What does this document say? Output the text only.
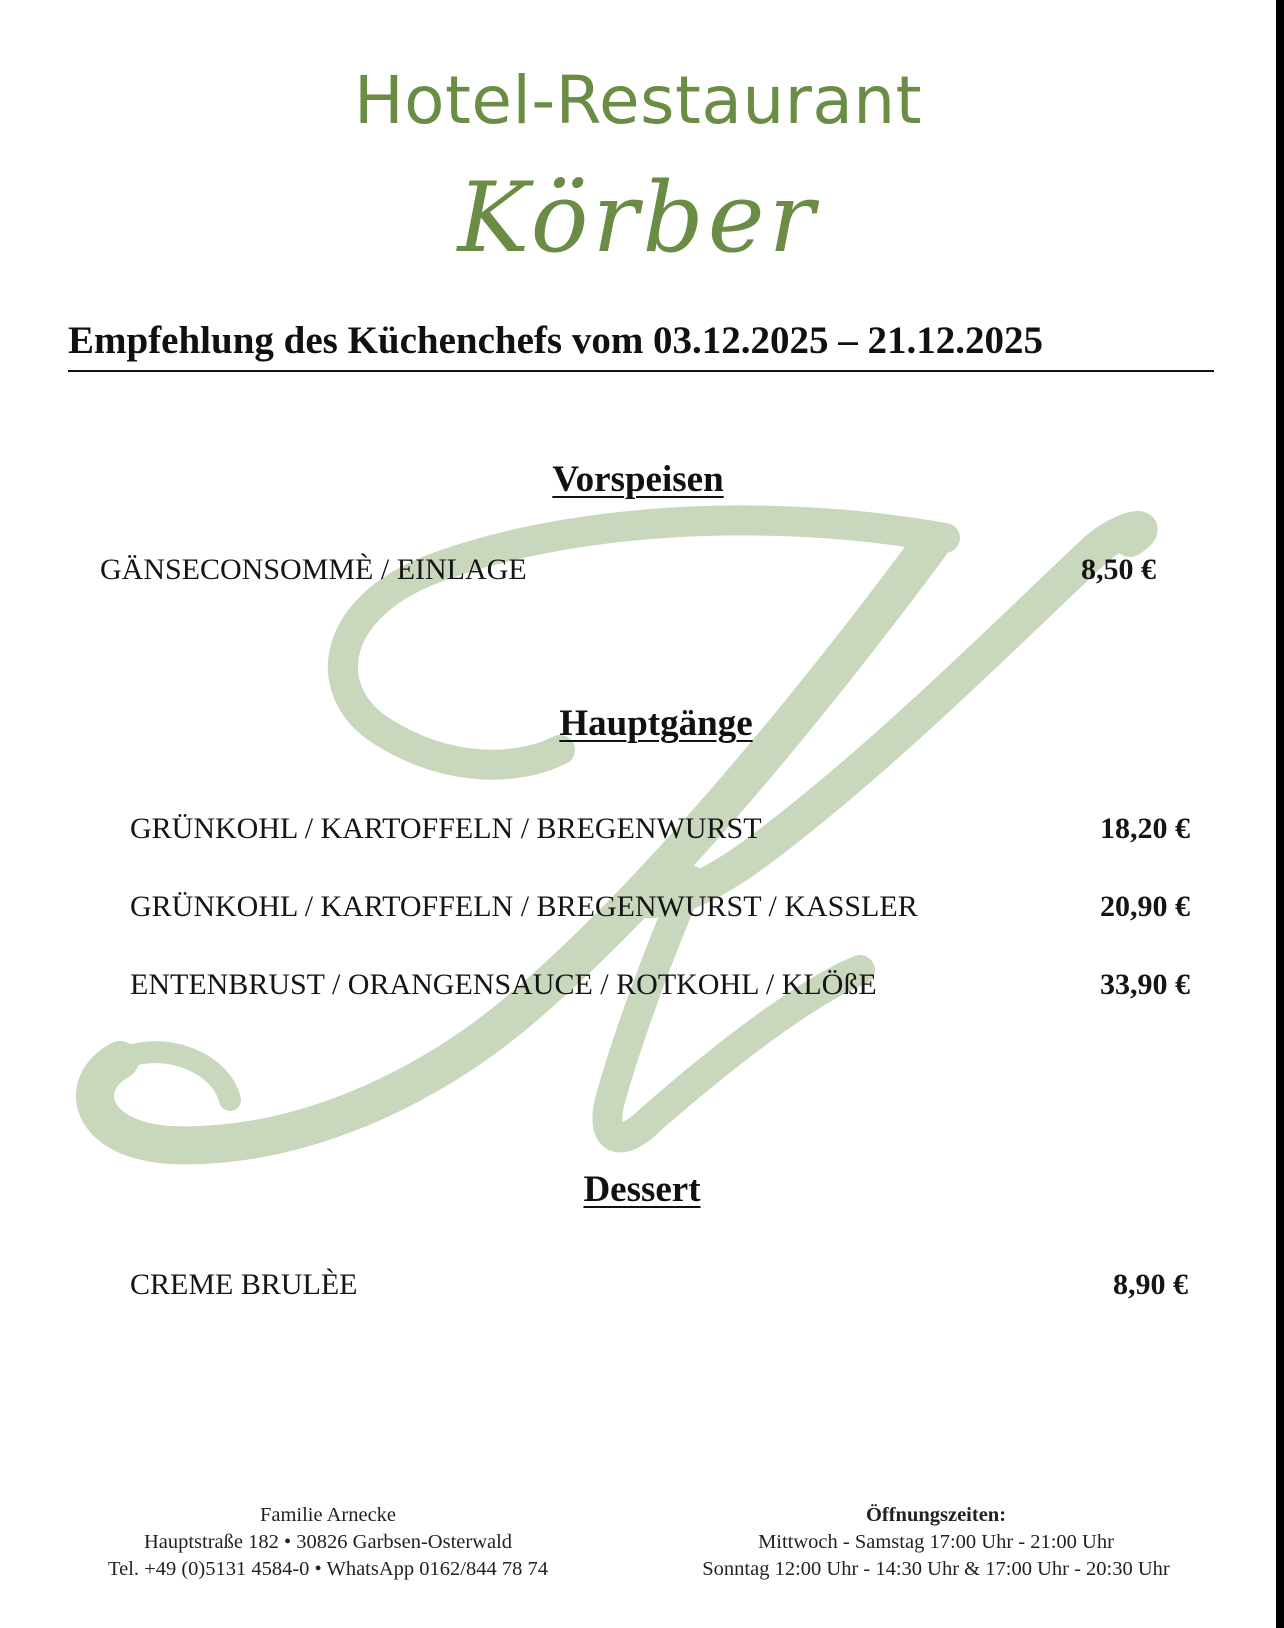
Hotel-Restaurant
Körber
Empfehlung des Küchenchefs vom 03.12.2025 – 21.12.2025
Vorspeisen
GÄNSECONSOMMÈ / EINLAGE	8,50 €
Hauptgänge
GRÜNKOHL / KARTOFFELN / BREGENWURST	18,20 €
GRÜNKOHL / KARTOFFELN / BREGENWURST / KASSLER	20,90 €
ENTENBRUST / ORANGENSAUCE / ROTKOHL / KLÖßE	33,90 €
Dessert
CREME BRULÈE	8,90 €
Familie Arnecke
Hauptstraße 182 • 30826 Garbsen-Osterwald
Tel. +49 (0)5131 4584-0 • WhatsApp 0162/844 78 74
Öffnungszeiten:
Mittwoch - Samstag 17:00 Uhr - 21:00 Uhr
Sonntag 12:00 Uhr - 14:30 Uhr & 17:00 Uhr - 20:30 Uhr
